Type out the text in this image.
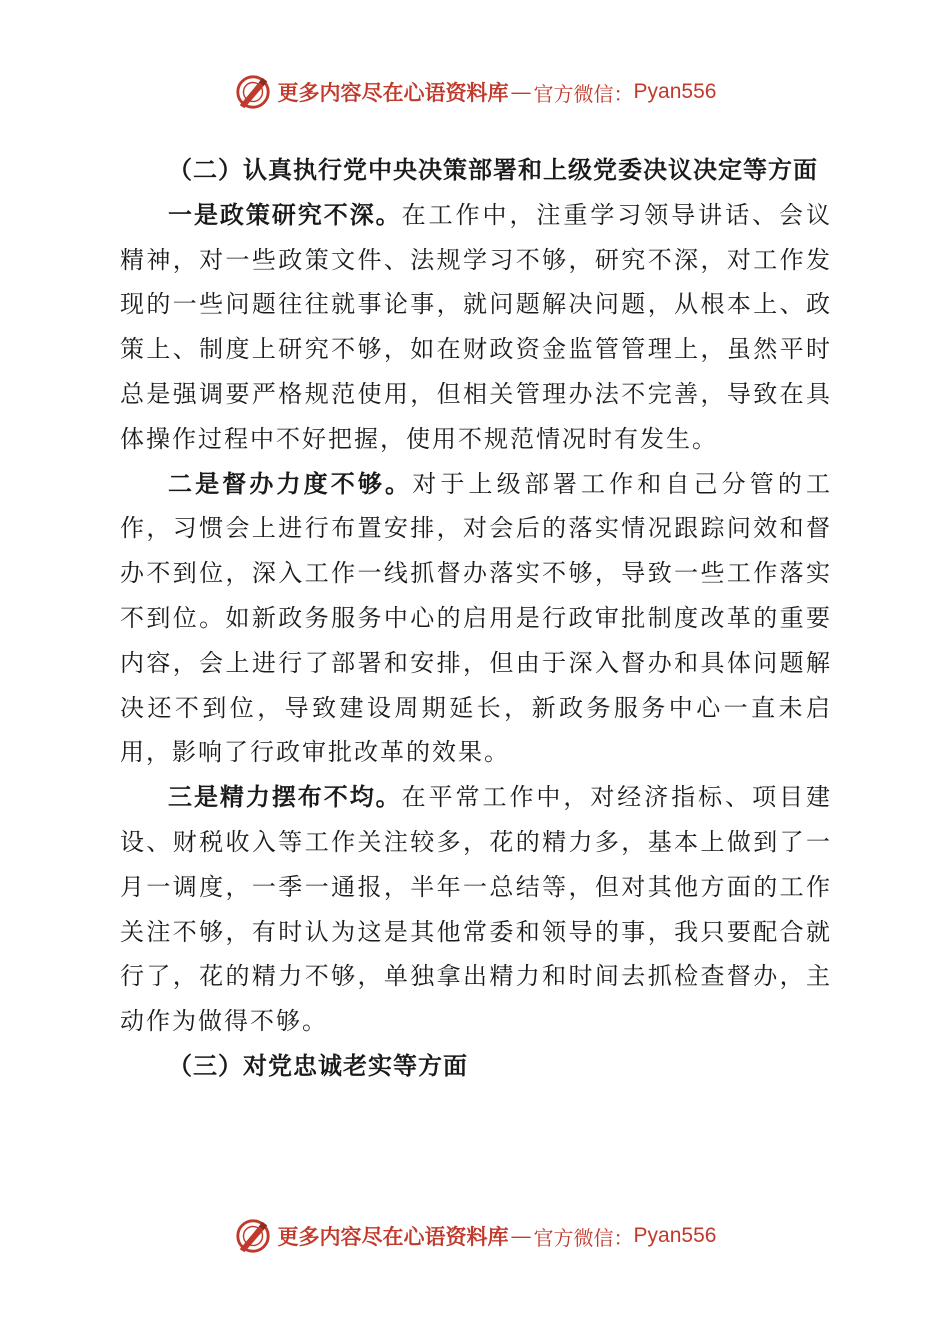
更多内容尽在心语资料库 — 官方微信： Pyan556

（二）认真执行党中央决策部署和上级党委决议决定等方面

一是政策研究不深。在工作中，注重学习领导讲话、会议精神，对一些政策文件、法规学习不够，研究不深，对工作发现的一些问题往往就事论事，就问题解决问题，从根本上、政策上、制度上研究不够，如在财政资金监管管理上，虽然平时总是强调要严格规范使用，但相关管理办法不完善，导致在具体操作过程中不好把握，使用不规范情况时有发生。

二是督办力度不够。对于上级部署工作和自己分管的工作，习惯会上进行布置安排，对会后的落实情况跟踪问效和督办不到位，深入工作一线抓督办落实不够，导致一些工作落实不到位。如新政务服务中心的启用是行政审批制度改革的重要内容，会上进行了部署和安排，但由于深入督办和具体问题解决还不到位，导致建设周期延长，新政务服务中心一直未启用，影响了行政审批改革的效果。

三是精力摆布不均。在平常工作中，对经济指标、项目建设、财税收入等工作关注较多，花的精力多，基本上做到了一月一调度，一季一通报，半年一总结等，但对其他方面的工作关注不够，有时认为这是其他常委和领导的事，我只要配合就行了，花的精力不够，单独拿出精力和时间去抓检查督办，主动作为做得不够。

（三）对党忠诚老实等方面

更多内容尽在心语资料库 — 官方微信： Pyan556
